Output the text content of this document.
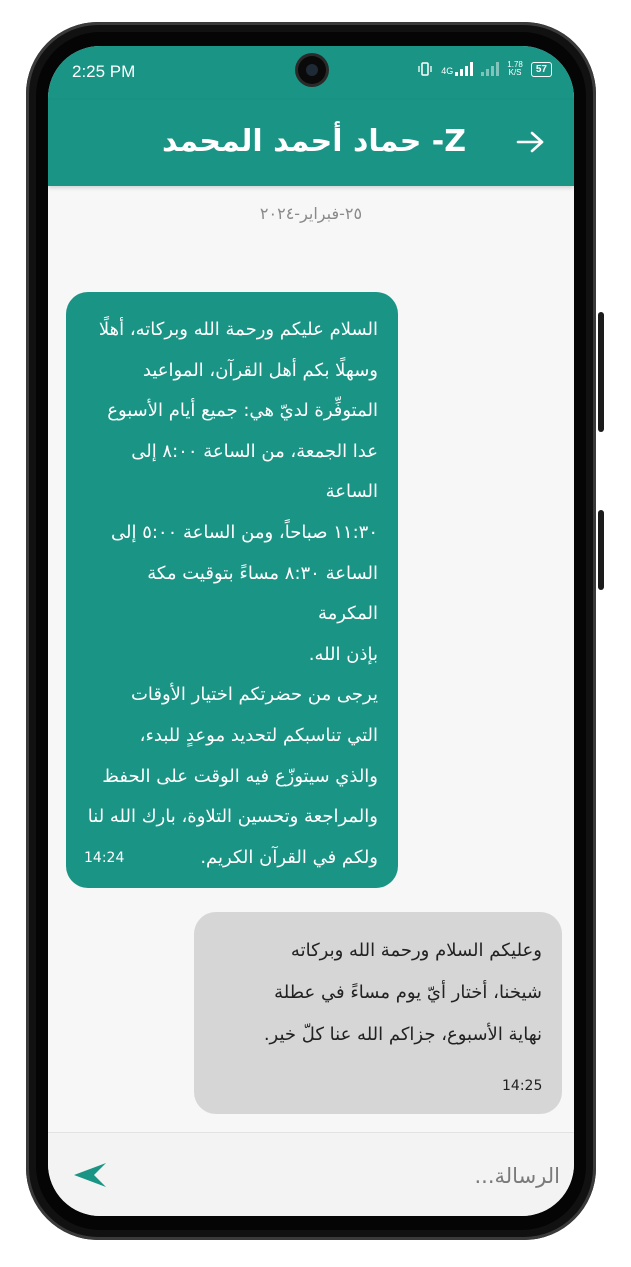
2:25 PM	4G
1.78
K/S	57
Z- حماد أحمد المحمد
٢٥-فبراير-٢٠٢٤
السلام عليكم ورحمة الله وبركاته، أهلًا
وسهلًا بكم أهل القرآن، المواعيد
المتوفِّرة لديّ هي: جميع أيام الأسبوع
عدا الجمعة، من الساعة ٨:٠٠ إلى الساعة
١١:٣٠ صباحاً، ومن الساعة ٥:٠٠ إلى
الساعة ٨:٣٠ مساءً بتوقيت مكة المكرمة
بإذن الله.
يرجى من حضرتكم اختيار الأوقات
التي تناسبكم لتحديد موعدٍ للبدء،
والذي سيتوزّع فيه الوقت على الحفظ
والمراجعة وتحسين التلاوة، بارك الله لنا
ولكم في القرآن الكريم.
14:24
وعليكم السلام ورحمة الله وبركاته
شيخنا، أختار أيّ يوم مساءً في عطلة
نهاية الأسبوع، جزاكم الله عنا كلّ خير.
14:25
الرسالة...
